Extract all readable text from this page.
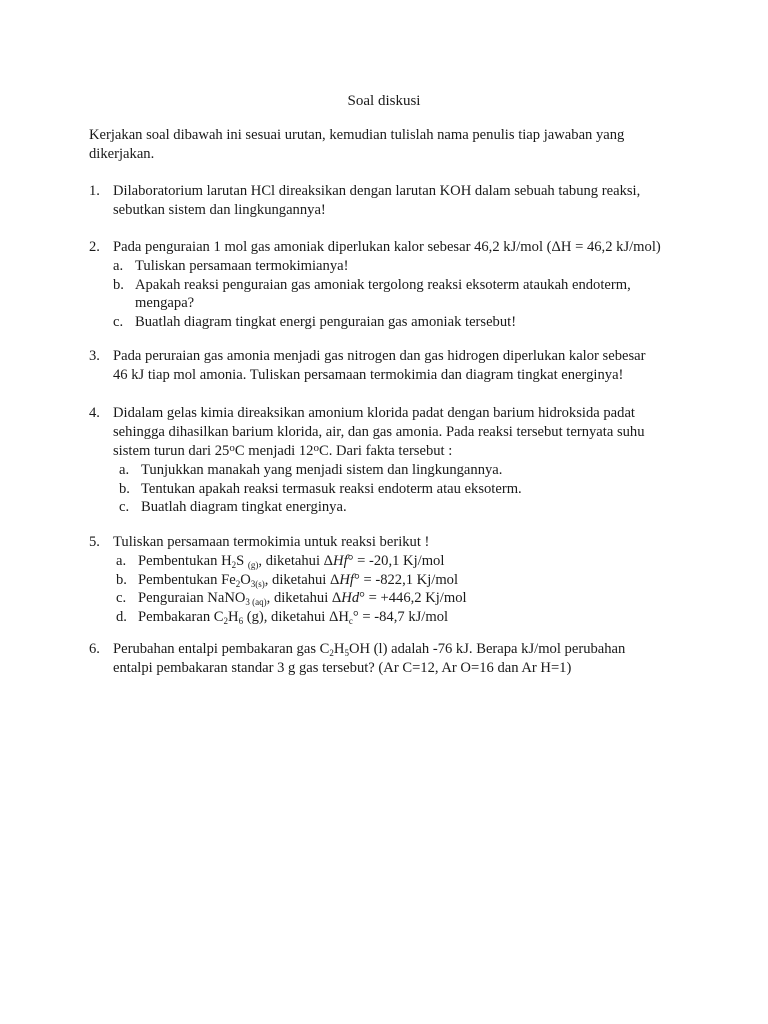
Soal diskusi
Kerjakan soal dibawah ini sesuai urutan, kemudian tulislah nama penulis tiap jawaban yang dikerjakan.
1. Dilaboratorium larutan HCl direaksikan dengan larutan KOH dalam sebuah tabung reaksi,
sebutkan sistem dan lingkungannya!
2. Pada penguraian 1 mol gas amoniak diperlukan kalor sebesar 46,2 kJ/mol (ΔH = 46,2 kJ/mol)
a. Tuliskan persamaan termokimianya!
b. Apakah reaksi penguraian gas amoniak tergolong reaksi eksoterm ataukah endoterm,
mengapa?
c. Buatlah diagram tingkat energi penguraian gas amoniak tersebut!
3. Pada peruraian gas amonia menjadi gas nitrogen dan gas hidrogen diperlukan kalor sebesar
46 kJ tiap mol amonia. Tuliskan persamaan termokimia dan diagram tingkat energinya!
4. Didalam gelas kimia direaksikan amonium klorida padat dengan barium hidroksida padat
sehingga dihasilkan barium klorida, air, dan gas amonia. Pada reaksi tersebut ternyata suhu
sistem turun dari 25$^o$C menjadi 12$^o$C. Dari fakta tersebut :
a. Tunjukkan manakah yang menjadi sistem dan lingkungannya.
b. Tentukan apakah reaksi termasuk reaksi endoterm atau eksoterm.
c. Buatlah diagram tingkat energinya.
5. Tuliskan persamaan termokimia untuk reaksi berikut !
a. Pembentukan $H_2S$ $_{(g)}$, diketahui ΔHf° = -20,1 Kj/mol
b. Pembentukan $Fe_2O_{3(s)}$, diketahui ΔHf° = -822,1 Kj/mol
c. Penguraian NaNO$_{3 (aq)}$, diketahui ΔHd° = +446,2 Kj/mol
d. Pembakaran $C_2H_6$ (g), diketahui $\Delta H_c^\circ = -84,7$ kJ/mol
6. Perubahan entalpi pembakaran gas $C_2H_5OH$ (l) adalah -76 kJ. Berapa kJ/mol perubahan
entalpi pembakaran standar 3 g gas tersebut? (Ar C=12, Ar O=16 dan Ar H=1)
